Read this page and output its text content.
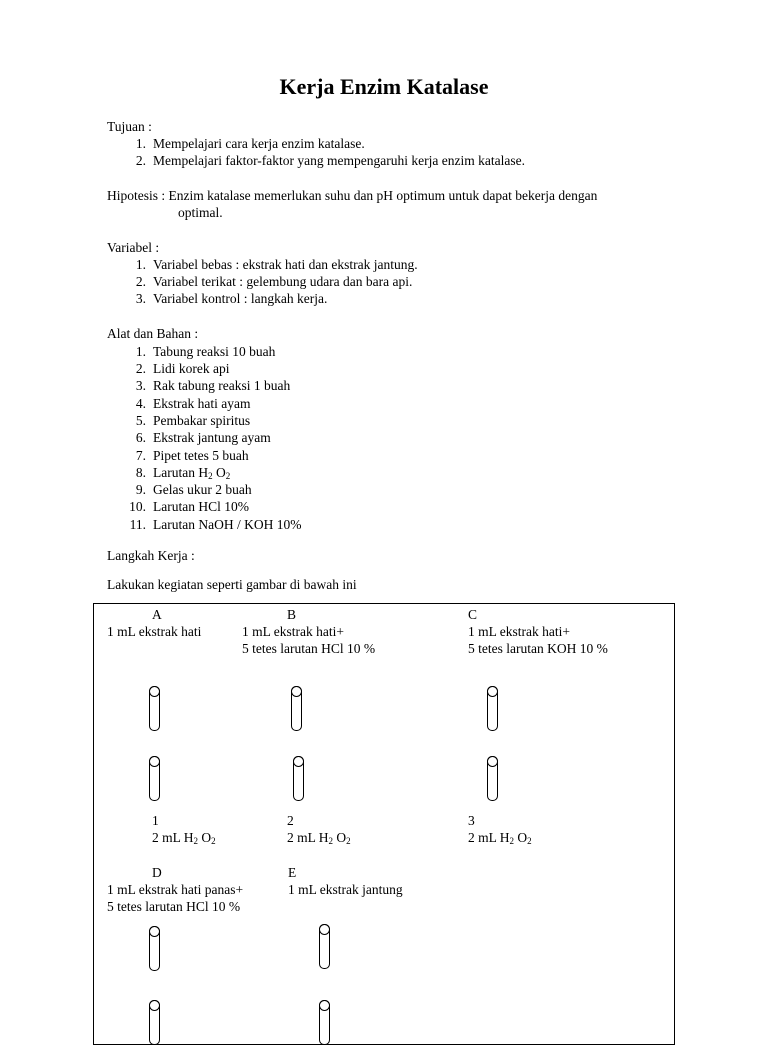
Kerja Enzim Katalase
Tujuan :
1. Mempelajari cara kerja enzim katalase.
2. Mempelajari faktor-faktor yang mempengaruhi kerja enzim katalase.
Hipotesis : Enzim katalase memerlukan suhu dan pH optimum untuk dapat bekerja dengan
optimal.
Variabel :
1. Variabel bebas : ekstrak hati dan ekstrak jantung.
2. Variabel terikat : gelembung udara dan bara api.
3. Variabel kontrol : langkah kerja.
Alat dan Bahan :
1. Tabung reaksi 10 buah
2. Lidi korek api
3. Rak tabung reaksi 1 buah
4. Ekstrak hati ayam
5. Pembakar spiritus
6. Ekstrak jantung ayam
7. Pipet tetes 5 buah
8. Larutan $H_2$ $O_2$
9. Gelas ukur 2 buah
10. Larutan HCl 10%
11. Larutan NaOH / KOH 10%
Langkah Kerja :
Lakukan kegiatan seperti gambar di bawah ini
A
1 mL ekstrak hati
1
2 mL $H_2$ $O_2$
B
1 mL ekstrak hati+
5 tetes larutan HCl 10 %
2
2 mL $H_2$ $O_2$
C
1 mL ekstrak hati+
5 tetes larutan KOH 10 %
3
2 mL $H_2$ $O_2$
D
1 mL ekstrak hati panas+
5 tetes larutan HCl 10 %
E
1 mL ekstrak jantung
